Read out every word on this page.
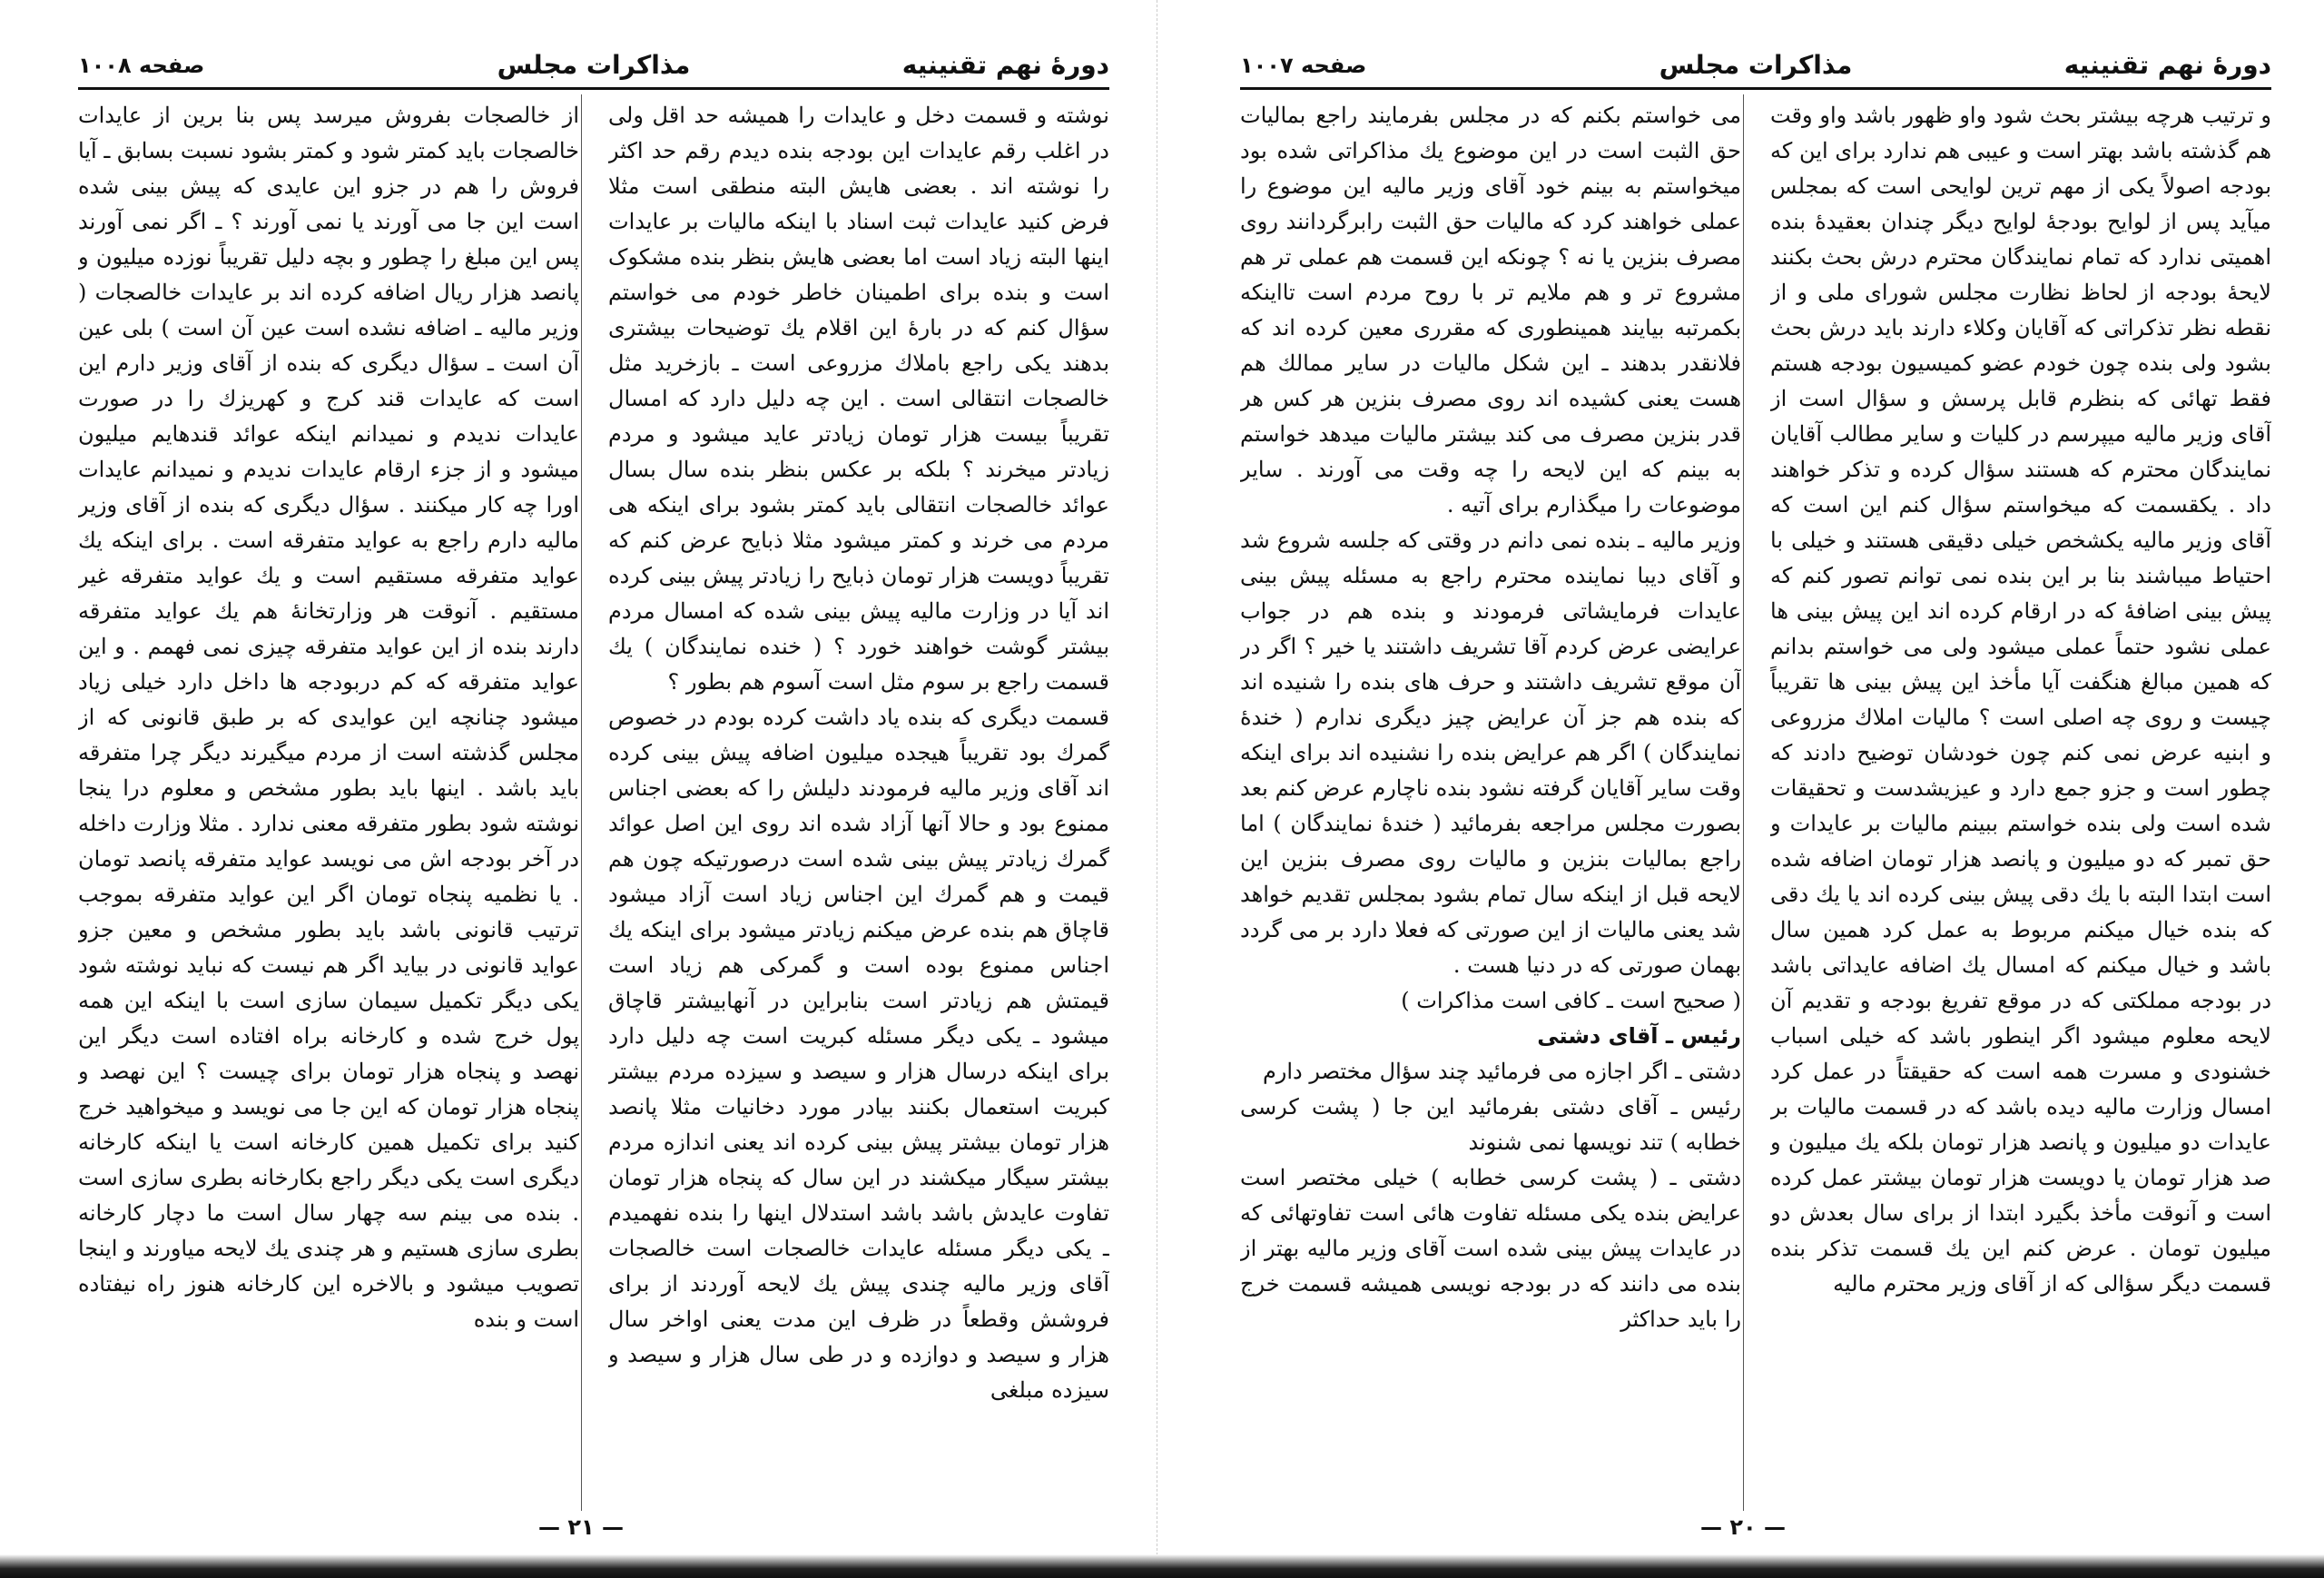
دورهٔ نهم تقنینیه
مذاکرات مجلس
صفحه ۱۰۰۸

نوشته و قسمت دخل و عایدات را همیشه حد اقل ولی در اغلب رقم عایدات این بودجه بنده دیدم رقم حد اکثر را نوشته اند . بعضی هایش البته منطقی است مثلا فرض کنید عایدات ثبت اسناد با اینکه مالیات بر عایدات اینها البته زیاد است اما بعضی هایش بنظر بنده مشکوک است و بنده برای اطمینان خاطر خودم می خواستم سؤال کنم که در بارهٔ این اقلام یك توضیحات بیشتری بدهند یکی راجع باملاك مزروعی است ـ بازخرید مثل خالصجات انتقالی است . این چه دلیل دارد که امسال تقریباً بیست هزار تومان زیادتر عاید میشود و مردم زیادتر میخرند ؟ بلکه بر عکس بنظر بنده سال بسال عوائد خالصجات انتقالی باید کمتر بشود برای اینکه هی مردم می خرند و کمتر میشود مثلا ذبایح عرض کنم که تقریباً دویست هزار تومان ذبایح را زیادتر پیش بینی کرده اند آیا در وزارت مالیه پیش بینی شده که امسال مردم بیشتر گوشت خواهند خورد ؟ ( خنده نمایندگان ) یك قسمت راجع بر سوم مثل است آسوم هم بطور ؟

قسمت دیگری که بنده یاد داشت کرده بودم در خصوص گمرك بود تقریباً هیجده میلیون اضافه پیش بینی کرده اند آقای وزیر مالیه فرمودند دلیلش را که بعضی اجناس ممنوع بود و حالا آنها آزاد شده اند روی این اصل عوائد گمرك زیادتر پیش بینی شده است درصورتیکه چون هم قیمت و هم گمرك این اجناس زیاد است آزاد میشود قاچاق هم بنده عرض میکنم زیادتر میشود برای اینکه یك اجناس ممنوع بوده است و گمرکی هم زیاد است قیمتش هم زیادتر است بنابراین در آنهابیشتر قاچاق میشود ـ یکی دیگر مسئله کبریت است چه دلیل دارد برای اینکه درسال هزار و سیصد و سیزده مردم بیشتر کبریت استعمال بکنند بیادر مورد دخانیات مثلا پانصد هزار تومان بیشتر پیش بینی کرده اند یعنی اندازه مردم بیشتر سیگار میکشند در این سال که پنجاه هزار تومان تفاوت عایدش باشد باشد استدلال اینها را بنده نفهمیدم ـ یکی دیگر مسئله عایدات خالصجات است خالصجات آقای وزیر مالیه چندی پیش یك لایحه آوردند از برای فروشش وقطعاً در ظرف این مدت یعنی اواخر سال هزار و سیصد و دوازده و در طی سال هزار و سیصد و سیزده مبلغی

از خالصجات بفروش میرسد پس بنا برین از عایدات خالصجات باید کمتر شود و کمتر بشود نسبت بسابق ـ آیا فروش را هم در جزو این عایدی که پیش بینی شده است این جا می آورند یا نمی آورند ؟ ـ اگر نمی آورند پس این مبلغ را چطور و بچه دلیل تقریباً نوزده میلیون و پانصد هزار ریال اضافه کرده اند بر عایدات خالصجات ( وزیر مالیه ـ اضافه نشده است عین آن است ) بلی عین آن است ـ سؤال دیگری که بنده از آقای وزیر دارم این است که عایدات قند کرج و کهریزك را در صورت عایدات ندیدم و نمیدانم اینکه عوائد قندهایم میلیون میشود و از جزء ارقام عایدات ندیدم و نمیدانم عایدات اورا چه کار میکنند . سؤال دیگری که بنده از آقای وزیر مالیه دارم راجع به عواید متفرقه است . برای اینکه یك عواید متفرقه مستقیم است و یك عواید متفرقه غیر مستقیم . آنوقت هر وزارتخانهٔ هم یك عواید متفرقه دارند بنده از این عواید متفرقه چیزی نمی فهمم . و این عواید متفرقه که کم دربودجه ها داخل دارد خیلی زیاد میشود چنانچه این عوایدی که بر طبق قانونی که از مجلس گذشته است از مردم میگیرند دیگر چرا متفرقه باید باشد . اینها باید بطور مشخص و معلوم درا ینجا نوشته شود بطور متفرقه معنی ندارد . مثلا وزارت داخله در آخر بودجه اش می نویسد عواید متفرقه پانصد تومان . یا نظمیه پنجاه تومان اگر این عواید متفرقه بموجب ترتیب قانونی باشد باید بطور مشخص و معین جزو عواید قانونی در بیاید اگر هم نیست که نباید نوشته شود یکی دیگر تکمیل سیمان سازی است با اینکه این همه پول خرج شده و کارخانه براه افتاده است دیگر این نهصد و پنجاه هزار تومان برای چیست ؟ این نهصد و پنجاه هزار تومان که این جا می نویسد و میخواهید خرج کنید برای تکمیل همین کارخانه است یا اینکه کارخانه دیگری است یکی دیگر راجع بکارخانه بطری سازی است . بنده می بینم سه چهار سال است ما دچار کارخانه بطری سازی هستیم و هر چندی یك لایحه میاورند و اینجا تصویب میشود و بالاخره این کارخانه هنوز راه نیفتاده است و بنده

— ۲۱ —
دورهٔ نهم تقنینیه
مذاکرات مجلس
صفحه ۱۰۰۷

و ترتیب هرچه بیشتر بحث شود واو ظهور باشد واو وقت هم گذشته باشد بهتر است و عیبی هم ندارد برای این که بودجه اصولاً یکی از مهم ترین لوایحی است که بمجلس میآید پس از لوایح بودجهٔ لوایح دیگر چندان بعقیدهٔ بنده اهمیتی ندارد که تمام نمایندگان محترم درش بحث بکنند لایحهٔ بودجه از لحاظ نظارت مجلس شورای ملی و از نقطه نظر تذکراتی که آقایان وکلاء دارند باید درش بحث بشود ولی بنده چون خودم عضو کمیسیون بودجه هستم فقط تهائی که بنظرم قابل پرسش و سؤال است از آقای وزیر مالیه میپرسم در کلیات و سایر مطالب آقایان نمایندگان محترم که هستند سؤال کرده و تذکر خواهند داد . یکقسمت که میخواستم سؤال کنم این است که آقای وزیر مالیه یکشخص خیلی دقیقی هستند و خیلی با احتیاط میباشند بنا بر این بنده نمی توانم تصور کنم که پیش بینی اضافهٔ که در ارقام کرده اند این پیش بینی ها عملی نشود حتماً عملی میشود ولی می خواستم بدانم که همین مبالغ هنگفت آیا مأخذ این پیش بینی ها تقریباً چیست و روی چه اصلی است ؟ مالیات املاك مزروعی و ابنیه عرض نمی کنم چون خودشان توضیح دادند که چطور است و جزو جمع دارد و عیزیشدست و تحقیقات شده است ولی بنده خواستم ببینم مالیات بر عایدات و حق تمبر که دو میلیون و پانصد هزار تومان اضافه شده است ابتدا البته با یك دقی پیش بینی کرده اند یا یك دقی که بنده خیال میکنم مربوط به عمل کرد همین سال باشد و خیال میکنم که امسال یك اضافه عایداتی باشد در بودجه مملکتی که در موقع تفریغ بودجه و تقدیم آن لایحه معلوم میشود اگر اینطور باشد که خیلی اسباب خشنودی و مسرت همه است که حقیقتاً در عمل کرد امسال وزارت مالیه دیده باشد که در قسمت مالیات بر عایدات دو میلیون و پانصد هزار تومان بلکه یك میلیون و صد هزار تومان یا دویست هزار تومان بیشتر عمل کرده است و آنوقت مأخذ بگیرد ابتدا از برای سال بعدش دو میلیون تومان . عرض کنم این یك قسمت تذکر بنده قسمت دیگر سؤالی که از آقای وزیر محترم مالیه

می خواستم بکنم که در مجلس بفرمایند راجع بمالیات حق الثبت است در این موضوع یك مذاکراتی شده بود میخواستم به بینم خود آقای وزیر مالیه این موضوع را عملی خواهند کرد که مالیات حق الثبت رابرگردانند روی مصرف بنزین یا نه ؟ چونکه این قسمت هم عملی تر هم مشروع تر و هم ملایم تر با روح مردم است تااینکه بکمرتبه بیایند همینطوری که مقرری معین کرده اند که فلانقدر بدهند ـ این شکل مالیات در سایر ممالك هم هست یعنی کشیده اند روی مصرف بنزین هر کس هر قدر بنزین مصرف می کند بیشتر مالیات میدهد خواستم به بینم که این لایحه را چه وقت می آورند . سایر موضوعات را میگذارم برای آتیه .

وزیر مالیه ـ بنده نمی دانم در وقتی که جلسه شروع شد و آقای دیبا نماینده محترم راجع به مسئله پیش بینی عایدات فرمایشاتی فرمودند و بنده هم در جواب عرایضی عرض کردم آقا تشریف داشتند یا خیر ؟ اگر در آن موقع تشریف داشتند و حرف های بنده را شنیده اند که بنده هم جز آن عرایض چیز دیگری ندارم ( خندهٔ نمایندگان ) اگر هم عرایض بنده را نشنیده اند برای اینکه وقت سایر آقایان گرفته نشود بنده ناچارم عرض کنم بعد بصورت مجلس مراجعه بفرمائید ( خندهٔ نمایندگان ) اما راجع بمالیات بنزین و مالیات روی مصرف بنزین این لایحه قبل از اینکه سال تمام بشود بمجلس تقدیم خواهد شد یعنی مالیات از این صورتی که فعلا دارد بر می گردد بهمان صورتی که در دنیا هست .

( صحیح است ـ کافی است مذاکرات )

رئیس ـ آقای دشتی

دشتی ـ اگر اجازه می فرمائید چند سؤال مختصر دارم

رئیس ـ آقای دشتی بفرمائید این جا ( پشت کرسی خطابه ) تند نویسها نمی شنوند

دشتی ـ ( پشت کرسی خطابه ) خیلی مختصر است عرایض بنده یکی مسئله تفاوت هائی است تفاوتهائی که در عایدات پیش بینی شده است آقای وزیر مالیه بهتر از بنده می دانند که در بودجه نویسی همیشه قسمت خرج را باید حداکثر

— ۲۰ —
